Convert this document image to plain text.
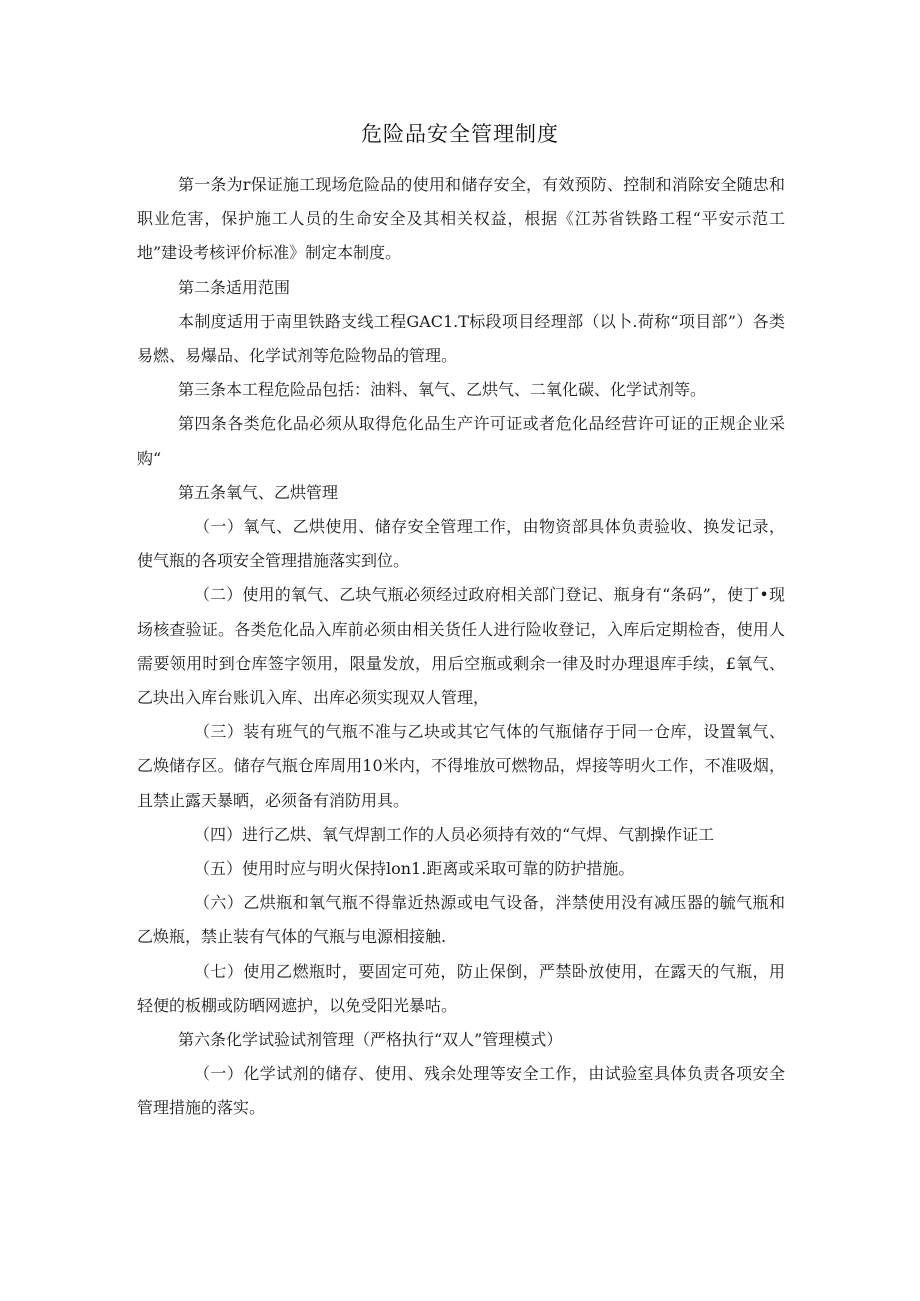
危险品安全管理制度

第一条为r保证施工现场危险品的使用和储存安全，有效预防、控制和消除安全随忠和职业危害，保护施工人员的生命安全及其相关权益，根据《江苏省铁路工程“平安示范工地”建设考核评价标准》制定本制度。

第二条适用范围

本制度适用于南里铁路支线工程GAC1.T标段项目经理部（以卜.荷称“项目部”）各类易燃、易爆品、化学试剂等危险物品的管理。

第三条本工程危险品包括：油料、氧气、乙烘气、二氧化碳、化学试剂等。

第四条各类危化品必须从取得危化品生产许可证或者危化品经营许可证的正规企业采购“

第五条氧气、乙烘管理

（一）氧气、乙烘使用、储存安全管理工作，由物资部具体负责验收、换发记录，使气瓶的各项安全管理措施落实到位。

（二）使用的氧气、乙块气瓶必须经过政府相关部门登记、瓶身有“条码”，使丁•现场核查验证。各类危化品入库前必须由相关货任人进行险收登记，入库后定期检杳，使用人需要领用时到仓库签字领用，限量发放，用后空瓶或剩余一律及时办理退库手续，£氧气、乙块出入库台账讥入库、出库必须实现双人管理，

（三）装有班气的气瓶不准与乙块或其它气体的气瓶储存于同一仓库，设置氧气、乙焕储存区。储存气瓶仓库周用10米内，不得堆放可燃物品，焊接等明火工作，不准吸烟，且禁止露天暴晒，必须备有消防用具。

（四）进行乙烘、氧气焊割工作的人员必须持有效的“气焊、气割操作证工

（五）使用时应与明火保持lon1.距离或采取可靠的防护措施。

（六）乙烘瓶和氧气瓶不得靠近热源或电气设备，泮禁使用没有减压器的毓气瓶和乙焕瓶，禁止装有气体的气瓶与电源相接触.

（七）使用乙燃瓶时，要固定可苑，防止保倒，严禁卧放使用，在露天的气瓶，用轻便的板棚或防晒网遮护，以免受阳光暴咕。

第六条化学试验试剂管理（严格执行“双人”管理模式）

（一）化学试剂的储存、使用、残余处理等安全工作，由试验室具体负责各项安全管理措施的落实。
